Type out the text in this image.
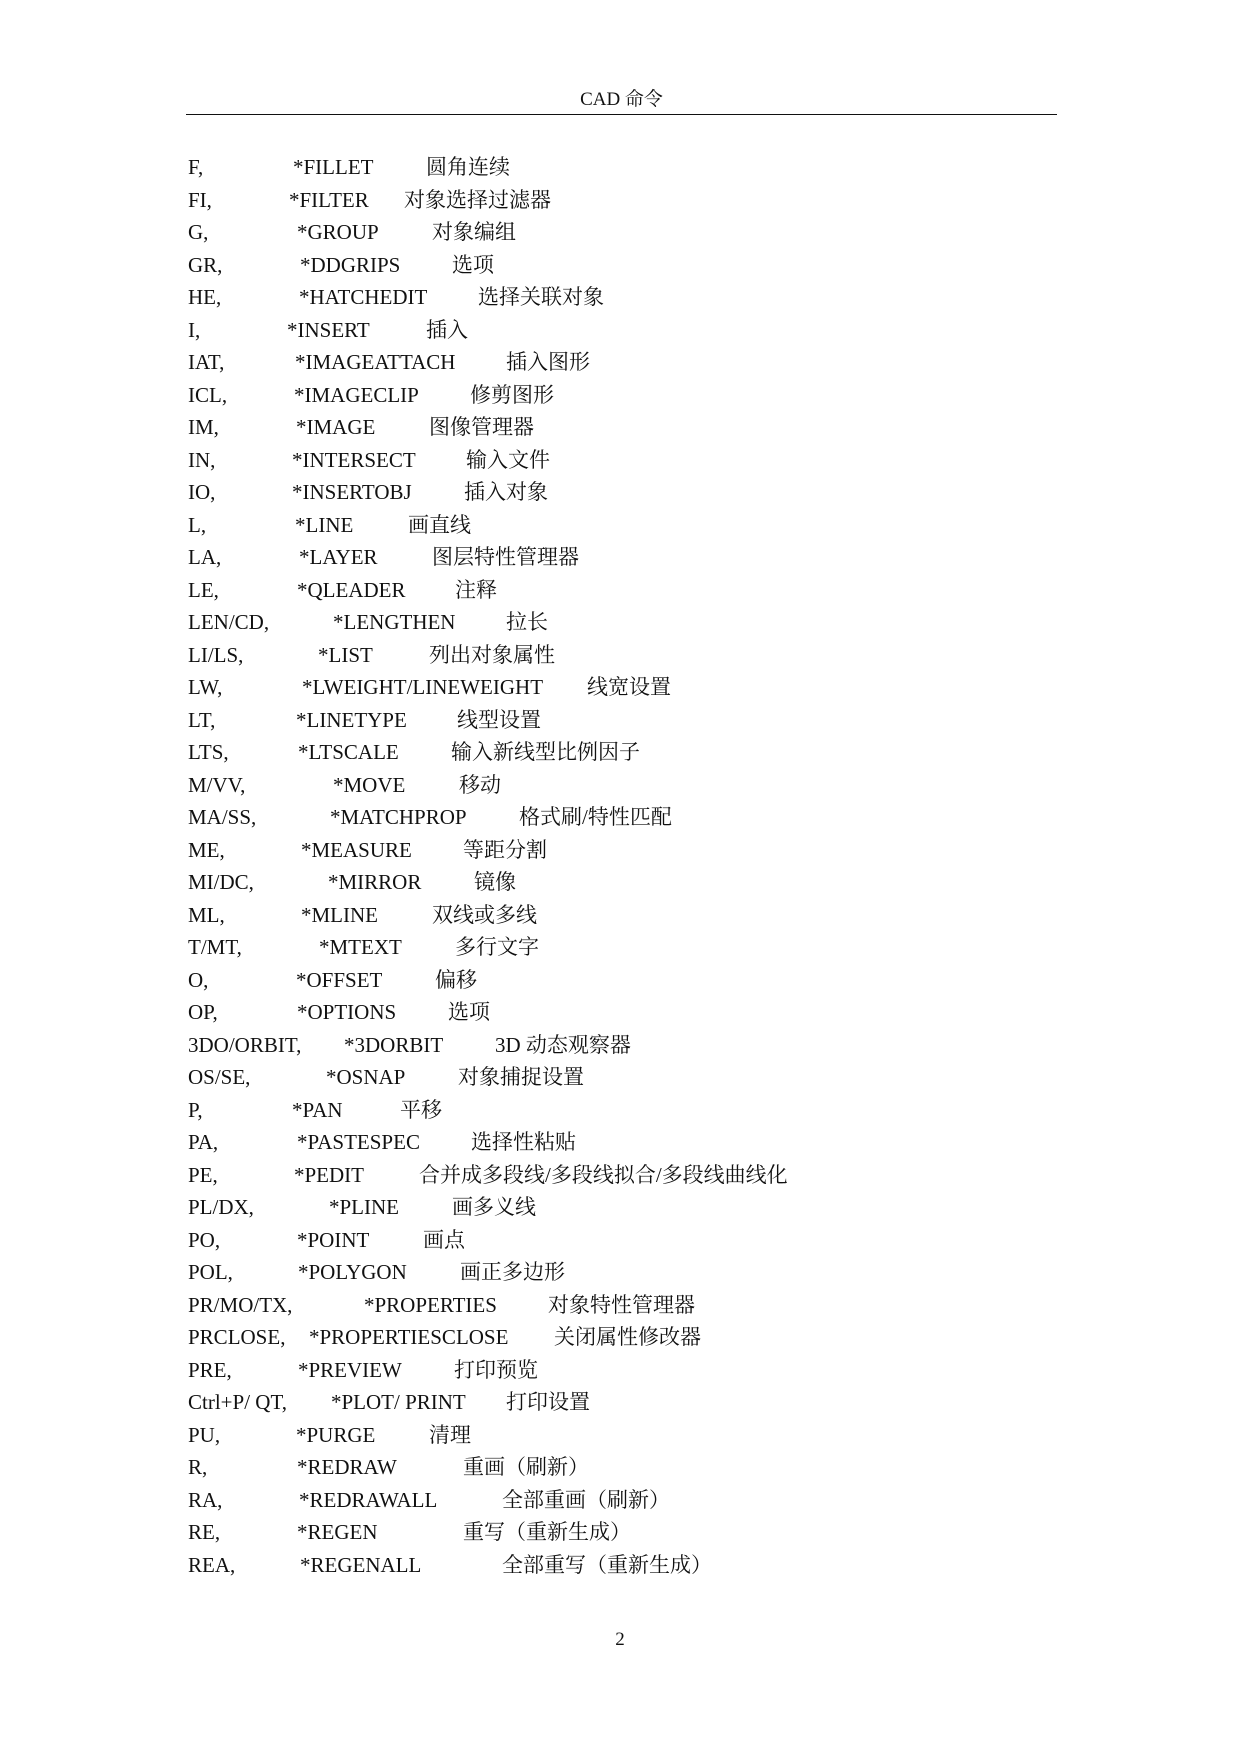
CAD 命令
F,	*FILLET	圆角连续
FI,	*FILTER 对象选择过滤器
G,	*GROUP	对象编组
GR,	*DDGRIPS 选项
HE,	*HATCHEDIT 选择关联对象
I,	*INSERT	插入
IAT,	*IMAGEATTACH 插入图形
ICL,	*IMAGECLIP 修剪图形
IM,	*IMAGE	图像管理器
IN,	*INTERSECT 输入文件
IO,	*INSERTOBJ 插入对象
L,	*LINE	画直线
LA,	*LAYER	图层特性管理器
LE,	*QLEADER 注释
LEN/CD,	*LENGTHEN 拉长
LI/LS,	*LIST	列出对象属性
LW,	*LWEIGHT/LINEWEIGHT 线宽设置
LT,	*LINETYPE 线型设置
LTS,	*LTSCALE 输入新线型比例因子
M/VV,	*MOVE	移动
MA/SS,	*MATCHPROP 格式刷/特性匹配
ME,	*MEASURE 等距分割
MI/DC,	*MIRROR	镜像
ML,	*MLINE	双线或多线
T/MT,	*MTEXT	多行文字
O,	*OFFSET	偏移
OP,	*OPTIONS 选项
3DO/ORBIT, *3DORBIT 3D 动态观察器
OS/SE,	*OSNAP	对象捕捉设置
P,	*PAN	平移
PA,	*PASTESPEC 选择性粘贴
PE,	*PEDIT	合并成多段线/多段线拟合/多段线曲线化
PL/DX,	*PLINE	画多义线
PO,	*POINT	画点
POL,	*POLYGON	画正多边形
PR/MO/TX,	*PROPERTIES 对象特性管理器
PRCLOSE, *PROPERTIESCLOSE 关闭属性修改器
PRE,	*PREVIEW 打印预览
Ctrl+P/ QT, *PLOT/ PRINT 打印设置
PU,	*PURGE	清理
R,	*REDRAW	重画（刷新）
RA,	*REDRAWALL	全部重画（刷新）
RE,	*REGEN	重写（重新生成）
REA,	*REGENALL	全部重写（重新生成）
2
